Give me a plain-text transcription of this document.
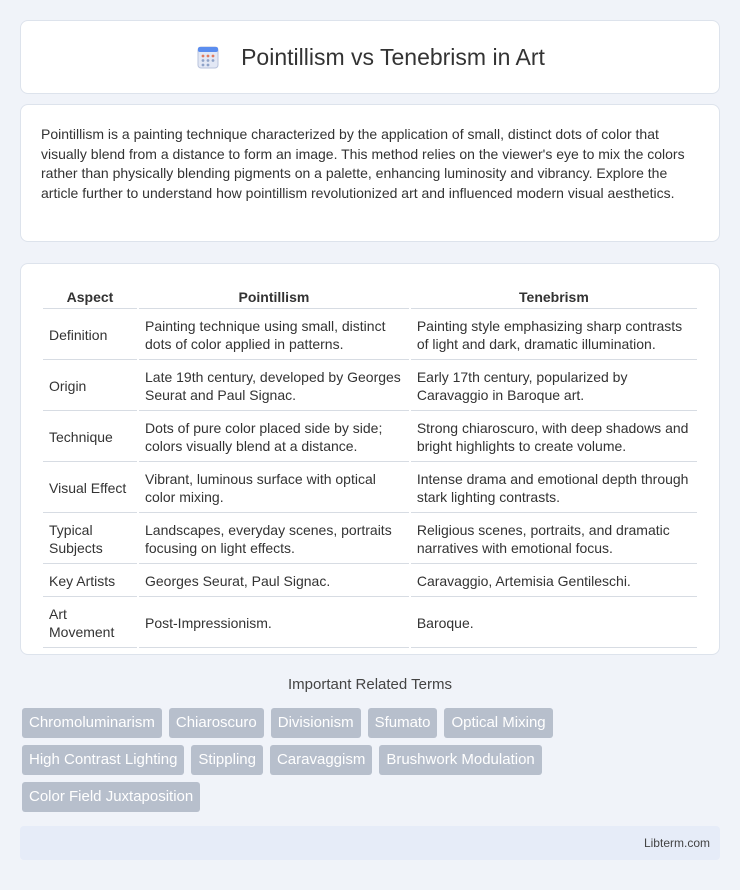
Pointillism vs Tenebrism in Art

Pointillism is a painting technique characterized by the application of small, distinct dots of color that visually blend from a distance to form an image. This method relies on the viewer's eye to mix the colors rather than physically blending pigments on a palette, enhancing luminosity and vibrancy. Explore the article further to understand how pointillism revolutionized art and influenced modern visual aesthetics.

Aspect	Pointillism	Tenebrism
Definition	Painting technique using small, distinct dots of color applied in patterns.	Painting style emphasizing sharp contrasts of light and dark, dramatic illumination.
Origin	Late 19th century, developed by Georges Seurat and Paul Signac.	Early 17th century, popularized by Caravaggio in Baroque art.
Technique	Dots of pure color placed side by side; colors visually blend at a distance.	Strong chiaroscuro, with deep shadows and bright highlights to create volume.
Visual Effect	Vibrant, luminous surface with optical color mixing.	Intense drama and emotional depth through stark lighting contrasts.
Typical Subjects	Landscapes, everyday scenes, portraits focusing on light effects.	Religious scenes, portraits, and dramatic narratives with emotional focus.
Key Artists	Georges Seurat, Paul Signac.	Caravaggio, Artemisia Gentileschi.
Art Movement	Post-Impressionism.	Baroque.
Important Related Terms
Chromoluminarism	Chiaroscuro	Divisionism	Sfumato	Optical Mixing
High Contrast Lighting	Stippling	Caravaggism	Brushwork Modulation
Color Field Juxtaposition
Libterm.com
